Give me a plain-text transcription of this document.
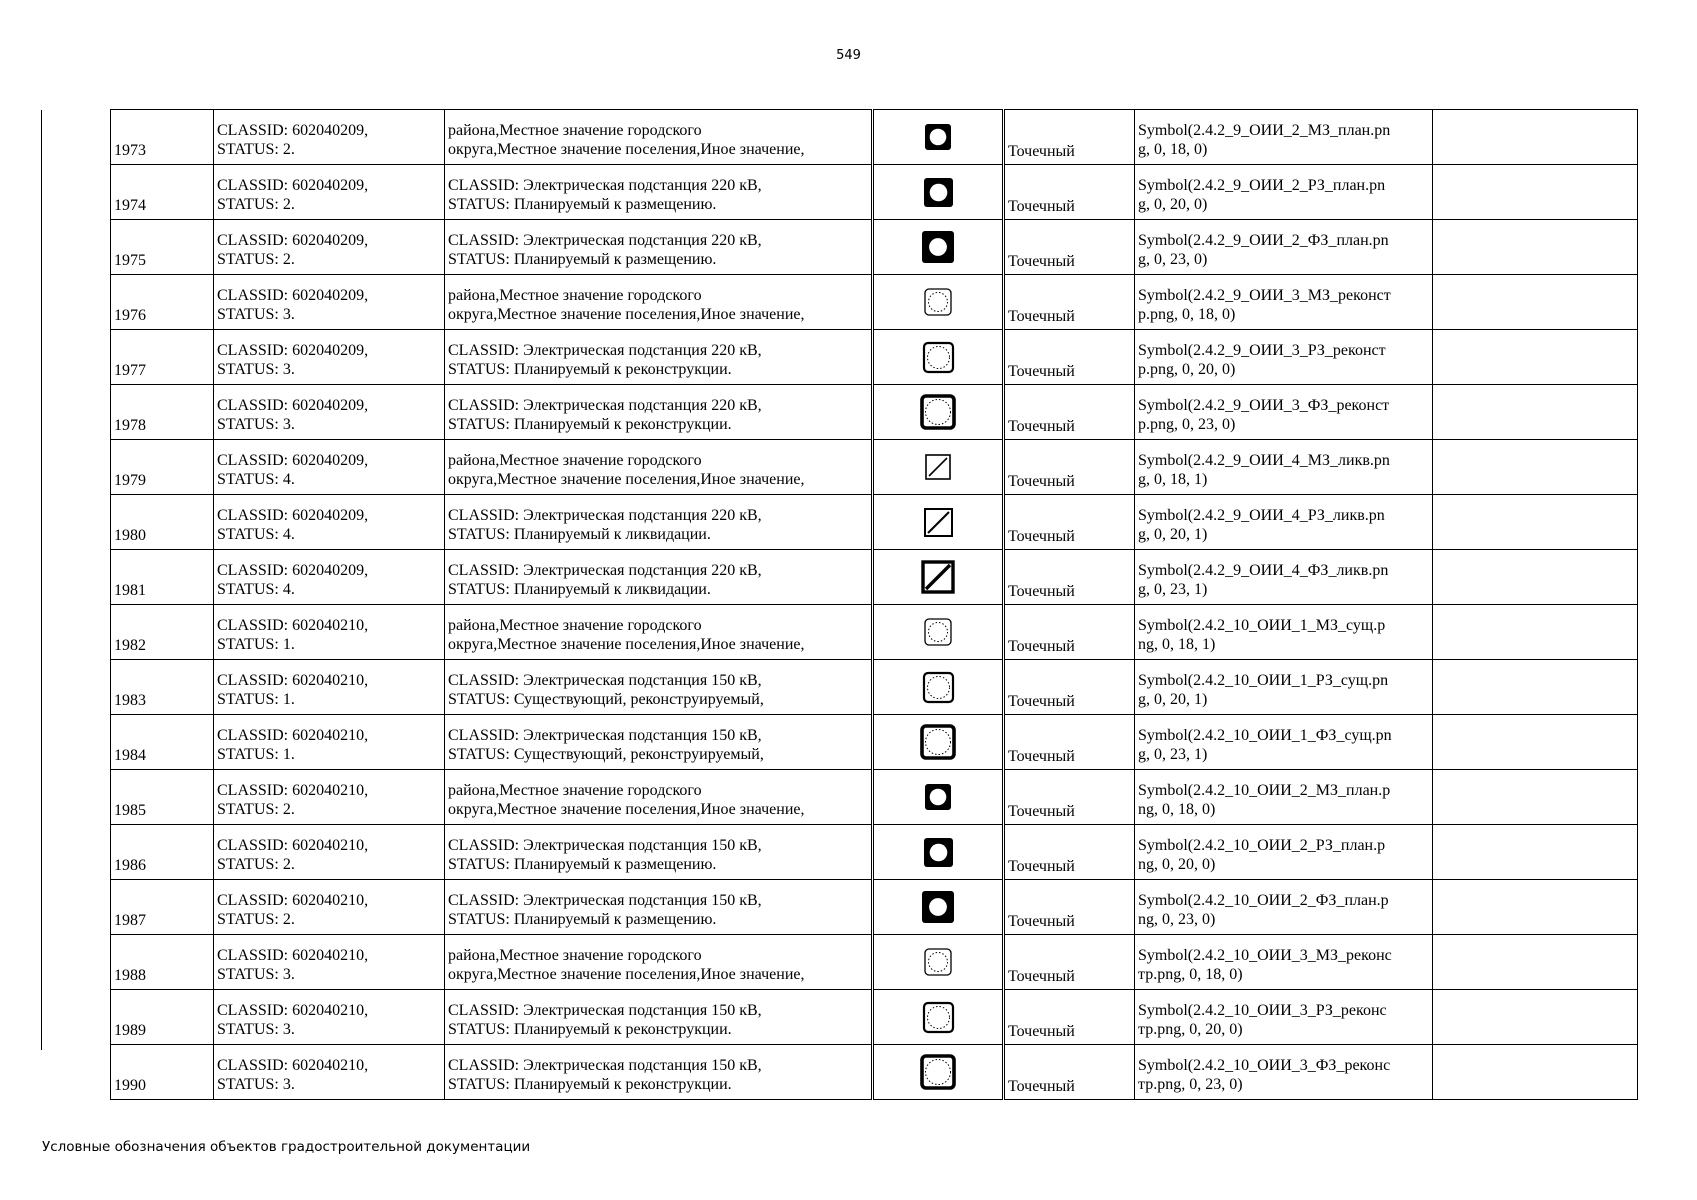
549
1973	CLASSID: 602040209,
STATUS: 2.	района,Местное значение городского
округа,Местное значение поселения,Иное значение,		Точечный	Symbol(2.4.2_9_ОИИ_2_МЗ_план.pn
g, 0, 18, 0)	

1974	CLASSID: 602040209,
STATUS: 2.	CLASSID: Электрическая подстанция 220 кВ,
STATUS: Планируемый к размещению.		Точечный	Symbol(2.4.2_9_ОИИ_2_РЗ_план.pn
g, 0, 20, 0)	

1975	CLASSID: 602040209,
STATUS: 2.	CLASSID: Электрическая подстанция 220 кВ,
STATUS: Планируемый к размещению.		Точечный	Symbol(2.4.2_9_ОИИ_2_ФЗ_план.pn
g, 0, 23, 0)	

1976	CLASSID: 602040209,
STATUS: 3.	района,Местное значение городского
округа,Местное значение поселения,Иное значение,		Точечный	Symbol(2.4.2_9_ОИИ_3_МЗ_реконст
р.png, 0, 18, 0)	

1977	CLASSID: 602040209,
STATUS: 3.	CLASSID: Электрическая подстанция 220 кВ,
STATUS: Планируемый к реконструкции.		Точечный	Symbol(2.4.2_9_ОИИ_3_РЗ_реконст
р.png, 0, 20, 0)	

1978	CLASSID: 602040209,
STATUS: 3.	CLASSID: Электрическая подстанция 220 кВ,
STATUS: Планируемый к реконструкции.		Точечный	Symbol(2.4.2_9_ОИИ_3_ФЗ_реконст
р.png, 0, 23, 0)	

1979	CLASSID: 602040209,
STATUS: 4.	района,Местное значение городского
округа,Местное значение поселения,Иное значение,		Точечный	Symbol(2.4.2_9_ОИИ_4_МЗ_ликв.pn
g, 0, 18, 1)	

1980	CLASSID: 602040209,
STATUS: 4.	CLASSID: Электрическая подстанция 220 кВ,
STATUS: Планируемый к ликвидации.		Точечный	Symbol(2.4.2_9_ОИИ_4_РЗ_ликв.pn
g, 0, 20, 1)	

1981	CLASSID: 602040209,
STATUS: 4.	CLASSID: Электрическая подстанция 220 кВ,
STATUS: Планируемый к ликвидации.		Точечный	Symbol(2.4.2_9_ОИИ_4_ФЗ_ликв.pn
g, 0, 23, 1)	

1982	CLASSID: 602040210,
STATUS: 1.	района,Местное значение городского
округа,Местное значение поселения,Иное значение,		Точечный	Symbol(2.4.2_10_ОИИ_1_МЗ_сущ.р
ng, 0, 18, 1)	

1983	CLASSID: 602040210,
STATUS: 1.	CLASSID: Электрическая подстанция 150 кВ,
STATUS: Существующий, реконструируемый,		Точечный	Symbol(2.4.2_10_ОИИ_1_РЗ_сущ.pn
g, 0, 20, 1)	

1984	CLASSID: 602040210,
STATUS: 1.	CLASSID: Электрическая подстанция 150 кВ,
STATUS: Существующий, реконструируемый,		Точечный	Symbol(2.4.2_10_ОИИ_1_ФЗ_сущ.pn
g, 0, 23, 1)	

1985	CLASSID: 602040210,
STATUS: 2.	района,Местное значение городского
округа,Местное значение поселения,Иное значение,		Точечный	Symbol(2.4.2_10_ОИИ_2_МЗ_план.р
ng, 0, 18, 0)	

1986	CLASSID: 602040210,
STATUS: 2.	CLASSID: Электрическая подстанция 150 кВ,
STATUS: Планируемый к размещению.		Точечный	Symbol(2.4.2_10_ОИИ_2_РЗ_план.р
ng, 0, 20, 0)	

1987	CLASSID: 602040210,
STATUS: 2.	CLASSID: Электрическая подстанция 150 кВ,
STATUS: Планируемый к размещению.		Точечный	Symbol(2.4.2_10_ОИИ_2_ФЗ_план.р
ng, 0, 23, 0)	

1988	CLASSID: 602040210,
STATUS: 3.	района,Местное значение городского
округа,Местное значение поселения,Иное значение,		Точечный	Symbol(2.4.2_10_ОИИ_3_МЗ_реконс
тр.png, 0, 18, 0)	

1989	CLASSID: 602040210,
STATUS: 3.	CLASSID: Электрическая подстанция 150 кВ,
STATUS: Планируемый к реконструкции.		Точечный	Symbol(2.4.2_10_ОИИ_3_РЗ_реконс
тр.png, 0, 20, 0)	

1990	CLASSID: 602040210,
STATUS: 3.	CLASSID: Электрическая подстанция 150 кВ,
STATUS: Планируемый к реконструкции.		Точечный	Symbol(2.4.2_10_ОИИ_3_ФЗ_реконс
тр.png, 0, 23, 0)	

Условные обозначения объектов градостроительной документации
